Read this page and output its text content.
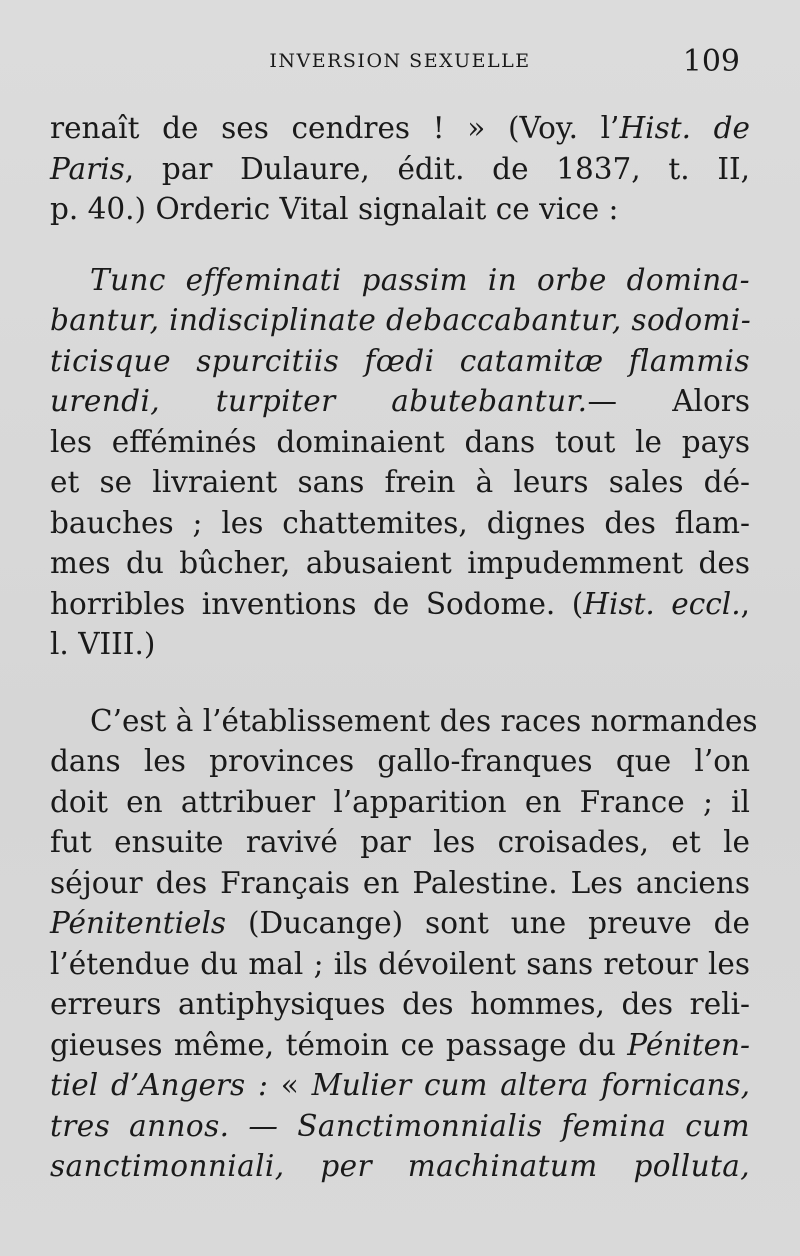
INVERSION SEXUELLE	109
renaît de ses cendres ! » (Voy. l’Hist. de
Paris, par Dulaure, édit. de 1837, t. II,
p. 40.) Orderic Vital signalait ce vice :
Tunc effeminati passim in orbe domina-
bantur, indisciplinate debaccabantur, sodomi-
ticisque spurcitiis fœdi catamitæ flammis
urendi, turpiter abutebantur.— Alors
les efféminés dominaient dans tout le pays
et se livraient sans frein à leurs sales dé-
bauches ; les chattemites, dignes des flam-
mes du bûcher, abusaient impudemment des
horribles inventions de Sodome. (Hist. eccl.,
l. VIII.)
C’est à l’établissement des races normandes
dans les provinces gallo-franques que l’on
doit en attribuer l’apparition en France ; il
fut ensuite ravivé par les croisades, et le
séjour des Français en Palestine. Les anciens
Pénitentiels (Ducange) sont une preuve de
l’étendue du mal ; ils dévoilent sans retour les
erreurs antiphysiques des hommes, des reli-
gieuses même, témoin ce passage du Péniten-
tiel d’Angers : « Mulier cum altera fornicans,
tres annos. — Sanctimonnialis femina cum
sanctimonniali, per machinatum polluta,
